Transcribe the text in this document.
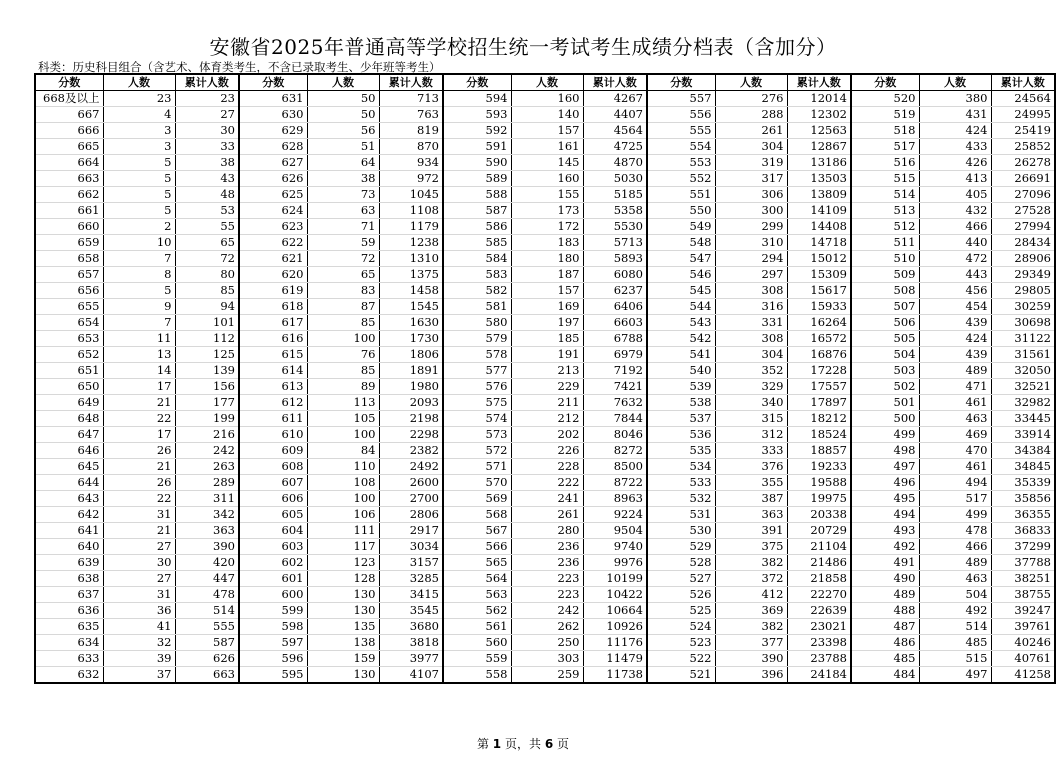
安徽省2025年普通高等学校招生统一考试考生成绩分档表（含加分）
科类：历史科目组合（含艺术、体育类考生，不含已录取考生、少年班等考生）
分数	人数	累计人数	分数	人数	累计人数	分数	人数	累计人数	分数	人数	累计人数	分数	人数	累计人数
668及以上	23	23	631	50	713	594	160	4267	557	276	12014	520	380	24564
667	4	27	630	50	763	593	140	4407	556	288	12302	519	431	24995
666	3	30	629	56	819	592	157	4564	555	261	12563	518	424	25419
665	3	33	628	51	870	591	161	4725	554	304	12867	517	433	25852
664	5	38	627	64	934	590	145	4870	553	319	13186	516	426	26278
663	5	43	626	38	972	589	160	5030	552	317	13503	515	413	26691
662	5	48	625	73	1045	588	155	5185	551	306	13809	514	405	27096
661	5	53	624	63	1108	587	173	5358	550	300	14109	513	432	27528
660	2	55	623	71	1179	586	172	5530	549	299	14408	512	466	27994
659	10	65	622	59	1238	585	183	5713	548	310	14718	511	440	28434
658	7	72	621	72	1310	584	180	5893	547	294	15012	510	472	28906
657	8	80	620	65	1375	583	187	6080	546	297	15309	509	443	29349
656	5	85	619	83	1458	582	157	6237	545	308	15617	508	456	29805
655	9	94	618	87	1545	581	169	6406	544	316	15933	507	454	30259
654	7	101	617	85	1630	580	197	6603	543	331	16264	506	439	30698
653	11	112	616	100	1730	579	185	6788	542	308	16572	505	424	31122
652	13	125	615	76	1806	578	191	6979	541	304	16876	504	439	31561
651	14	139	614	85	1891	577	213	7192	540	352	17228	503	489	32050
650	17	156	613	89	1980	576	229	7421	539	329	17557	502	471	32521
649	21	177	612	113	2093	575	211	7632	538	340	17897	501	461	32982
648	22	199	611	105	2198	574	212	7844	537	315	18212	500	463	33445
647	17	216	610	100	2298	573	202	8046	536	312	18524	499	469	33914
646	26	242	609	84	2382	572	226	8272	535	333	18857	498	470	34384
645	21	263	608	110	2492	571	228	8500	534	376	19233	497	461	34845
644	26	289	607	108	2600	570	222	8722	533	355	19588	496	494	35339
643	22	311	606	100	2700	569	241	8963	532	387	19975	495	517	35856
642	31	342	605	106	2806	568	261	9224	531	363	20338	494	499	36355
641	21	363	604	111	2917	567	280	9504	530	391	20729	493	478	36833
640	27	390	603	117	3034	566	236	9740	529	375	21104	492	466	37299
639	30	420	602	123	3157	565	236	9976	528	382	21486	491	489	37788
638	27	447	601	128	3285	564	223	10199	527	372	21858	490	463	38251
637	31	478	600	130	3415	563	223	10422	526	412	22270	489	504	38755
636	36	514	599	130	3545	562	242	10664	525	369	22639	488	492	39247
635	41	555	598	135	3680	561	262	10926	524	382	23021	487	514	39761
634	32	587	597	138	3818	560	250	11176	523	377	23398	486	485	40246
633	39	626	596	159	3977	559	303	11479	522	390	23788	485	515	40761
632	37	663	595	130	4107	558	259	11738	521	396	24184	484	497	41258
第 1 页，共 6 页
